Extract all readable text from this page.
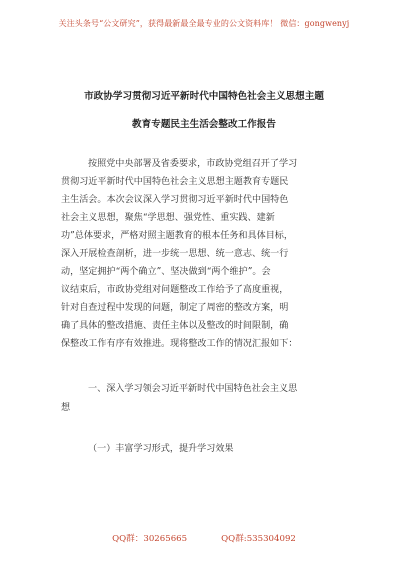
关注头条号“公文研究”，获得最新最全最专业的公文资料库！ 微信：gongwenyj
市政协学习贯彻习近平新时代中国特色社会主义思想主题
教育专题民主生活会整改工作报告
按照党中央部署及省委要求，市政协党组召开了学习
贯彻习近平新时代中国特色社会主义思想主题教育专题民
主生活会。本次会议深入学习贯彻习近平新时代中国特色
社会主义思想，聚焦“学思想、强党性、重实践、建新
功”总体要求，严格对照主题教育的根本任务和具体目标，
深入开展检查剖析，进一步统一思想、统一意志、统一行
动，坚定拥护“两个确立”、坚决做到“两个维护”。会
议结束后，市政协党组对问题整改工作给予了高度重视，
针对自查过程中发现的问题，制定了周密的整改方案，明
确了具体的整改措施、责任主体以及整改的时间限制，确
保整改工作有序有效推进。现将整改工作的情况汇报如下：
一、深入学习领会习近平新时代中国特色社会主义思
想
（一）丰富学习形式，提升学习效果
QQ群：30265665	QQ群:535304092
